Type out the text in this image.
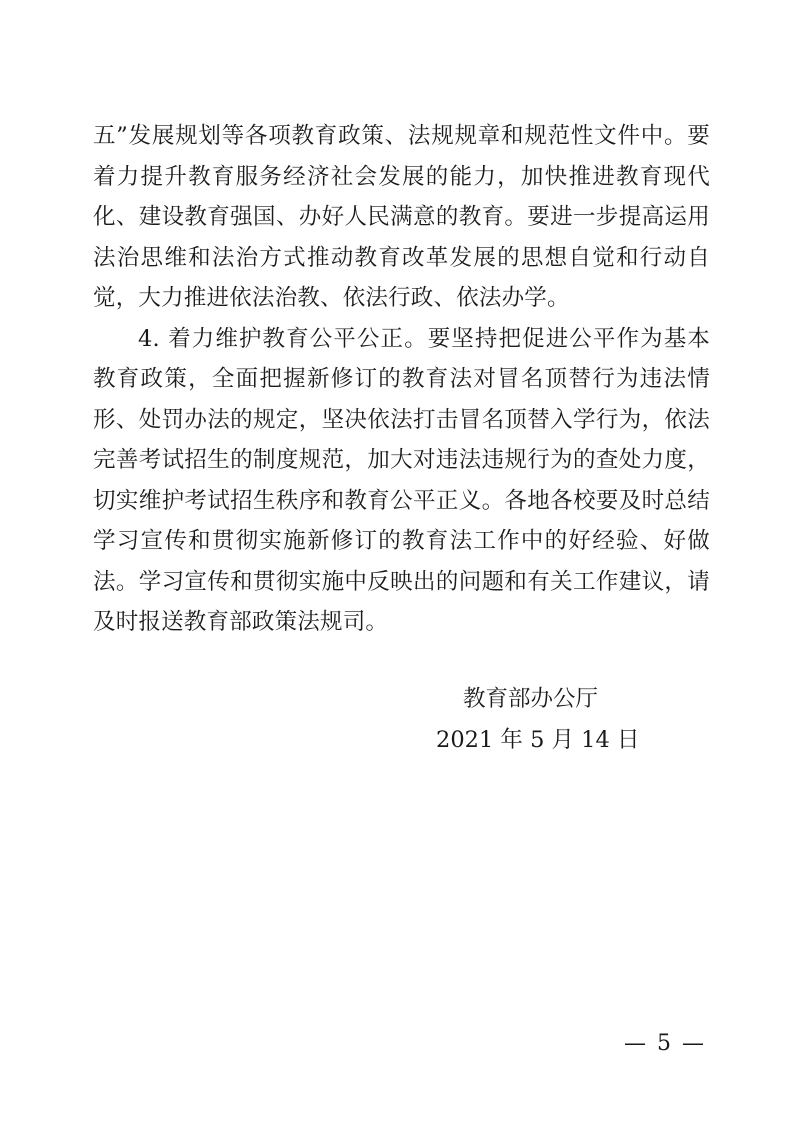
五”发展规划等各项教育政策、法规规章和规范性文件中。要着力提升教育服务经济社会发展的能力，加快推进教育现代化、建设教育强国、办好人民满意的教育。要进一步提高运用法治思维和法治方式推动教育改革发展的思想自觉和行动自觉，大力推进依法治教、依法行政、依法办学。

4. 着力维护教育公平公正。要坚持把促进公平作为基本教育政策，全面把握新修订的教育法对冒名顶替行为违法情形、处罚办法的规定，坚决依法打击冒名顶替入学行为，依法完善考试招生的制度规范，加大对违法违规行为的查处力度，切实维护考试招生秩序和教育公平正义。各地各校要及时总结学习宣传和贯彻实施新修订的教育法工作中的好经验、好做法。学习宣传和贯彻实施中反映出的问题和有关工作建议，请及时报送教育部政策法规司。

教育部办公厅
2021 年 5 月 14 日
— 5 —
